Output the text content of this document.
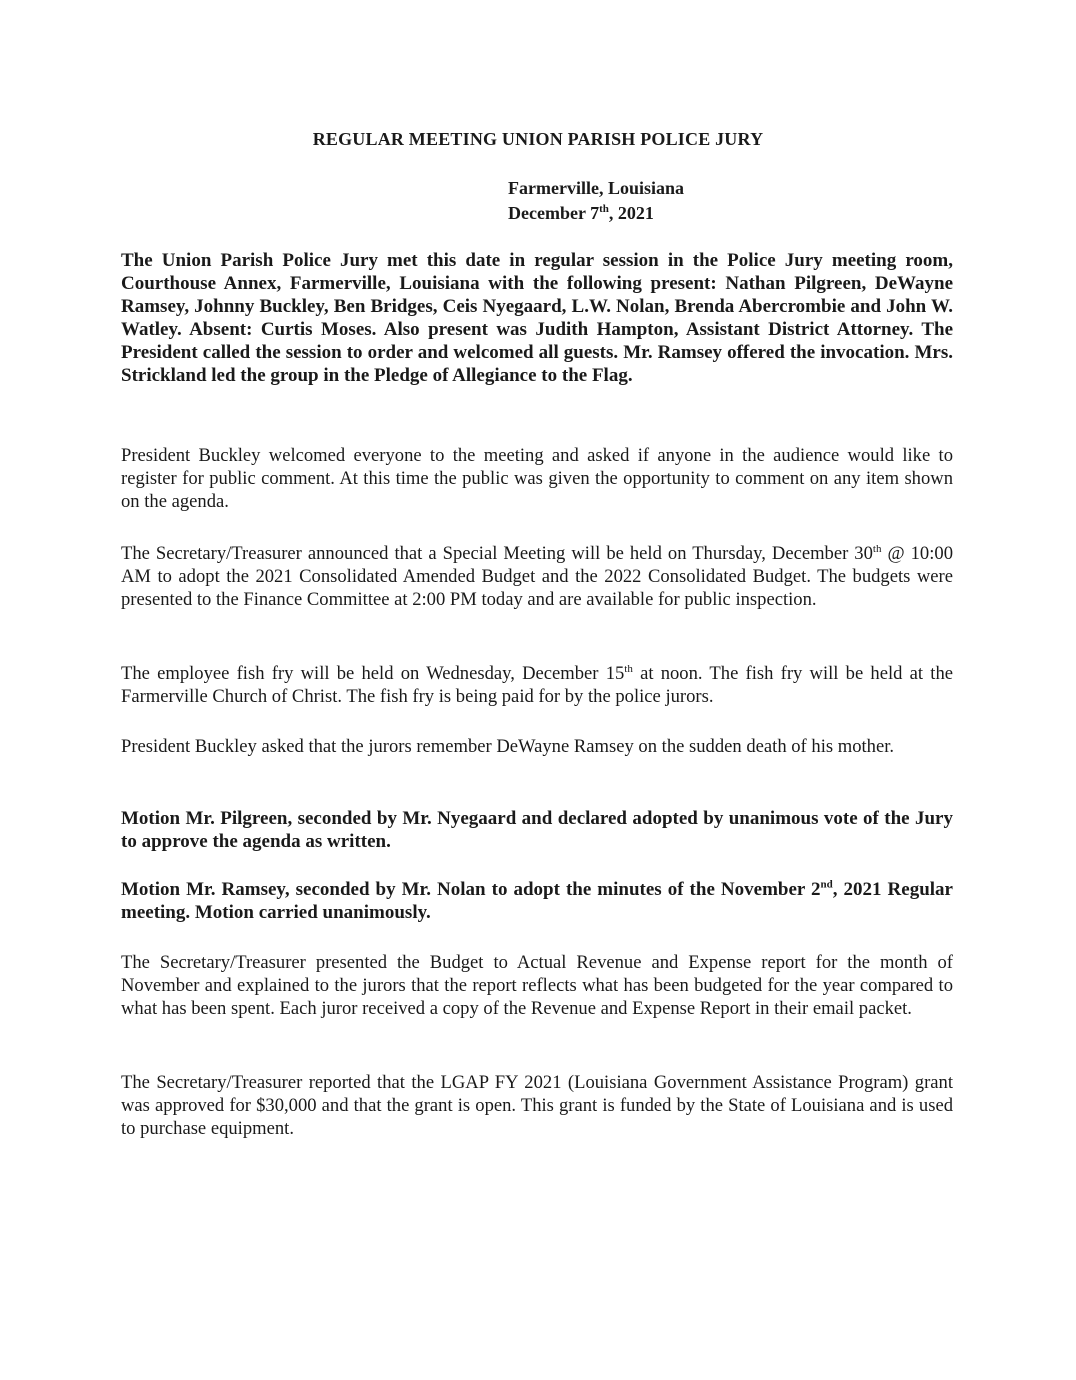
REGULAR MEETING UNION PARISH POLICE JURY
Farmerville, Louisiana
December 7th, 2021

The Union Parish Police Jury met this date in regular session in the Police Jury meeting room, Courthouse Annex, Farmerville, Louisiana with the following present: Nathan Pilgreen, DeWayne Ramsey, Johnny Buckley, Ben Bridges, Ceis Nyegaard, L.W. Nolan, Brenda Abercrombie and John W. Watley. Absent: Curtis Moses. Also present was Judith Hampton, Assistant District Attorney. The President called the session to order and welcomed all guests. Mr. Ramsey offered the invocation. Mrs. Strickland led the group in the Pledge of Allegiance to the Flag.

President Buckley welcomed everyone to the meeting and asked if anyone in the audience would like to register for public comment. At this time the public was given the opportunity to comment on any item shown on the agenda.

The Secretary/Treasurer announced that a Special Meeting will be held on Thursday, December 30th @ 10:00 AM to adopt the 2021 Consolidated Amended Budget and the 2022 Consolidated Budget. The budgets were presented to the Finance Committee at 2:00 PM today and are available for public inspection.

The employee fish fry will be held on Wednesday, December 15th at noon. The fish fry will be held at the Farmerville Church of Christ. The fish fry is being paid for by the police jurors.

President Buckley asked that the jurors remember DeWayne Ramsey on the sudden death of his mother.

Motion Mr. Pilgreen, seconded by Mr. Nyegaard and declared adopted by unanimous vote of the Jury to approve the agenda as written.

Motion Mr. Ramsey, seconded by Mr. Nolan to adopt the minutes of the November 2nd, 2021 Regular meeting. Motion carried unanimously.

The Secretary/Treasurer presented the Budget to Actual Revenue and Expense report for the month of November and explained to the jurors that the report reflects what has been budgeted for the year compared to what has been spent. Each juror received a copy of the Revenue and Expense Report in their email packet.

The Secretary/Treasurer reported that the LGAP FY 2021 (Louisiana Government Assistance Program) grant was approved for $30,000 and that the grant is open. This grant is funded by the State of Louisiana and is used to purchase equipment.
